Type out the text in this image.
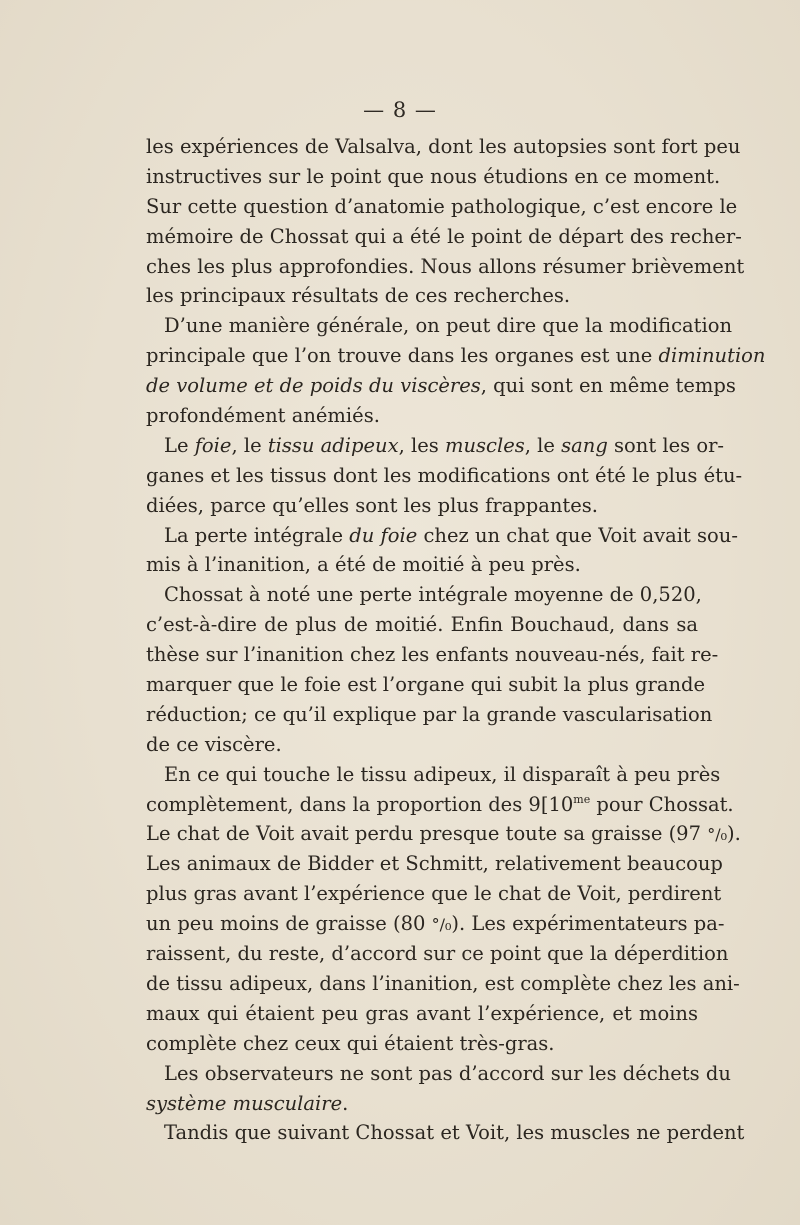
— 8 —
les expériences de Valsalva, dont les autopsies sont fort peu
instructives sur le point que nous étudions en ce moment.
Sur cette question d’anatomie pathologique, c’est encore le
mémoire de Chossat qui a été le point de départ des recher-
ches les plus approfondies. Nous allons résumer brièvement
les principaux résultats de ces recherches.
D’une manière générale, on peut dire que la modification
principale que l’on trouve dans les organes est une diminution
de volume et de poids du viscères, qui sont en même temps
profondément anémiés.
Le foie, le tissu adipeux, les muscles, le sang sont les or-
ganes et les tissus dont les modifications ont été le plus étu-
diées, parce qu’elles sont les plus frappantes.
La perte intégrale du foie chez un chat que Voit avait sou-
mis à l’inanition, a été de moitié à peu près.
Chossat à noté une perte intégrale moyenne de 0,520,
c’est-à-dire de plus de moitié. Enfin Bouchaud, dans sa
thèse sur l’inanition chez les enfants nouveau-nés, fait re-
marquer que le foie est l’organe qui subit la plus grande
réduction; ce qu’il explique par la grande vascularisation
de ce viscère.
En ce qui touche le tissu adipeux, il disparaît à peu près
complètement, dans la proportion des $9[10^{me}$ pour Chossat.
Le chat de Voit avait perdu presque toute sa graisse (97 °/₀).
Les animaux de Bidder et Schmitt, relativement beaucoup
plus gras avant l’expérience que le chat de Voit, perdirent
un peu moins de graisse (80 °/₀). Les expérimentateurs pa-
raissent, du reste, d’accord sur ce point que la déperdition
de tissu adipeux, dans l’inanition, est complète chez les ani-
maux qui étaient peu gras avant l’expérience, et moins
complète chez ceux qui étaient très-gras.
Les observateurs ne sont pas d’accord sur les déchets du
système musculaire.
Tandis que suivant Chossat et Voit, les muscles ne perdent
